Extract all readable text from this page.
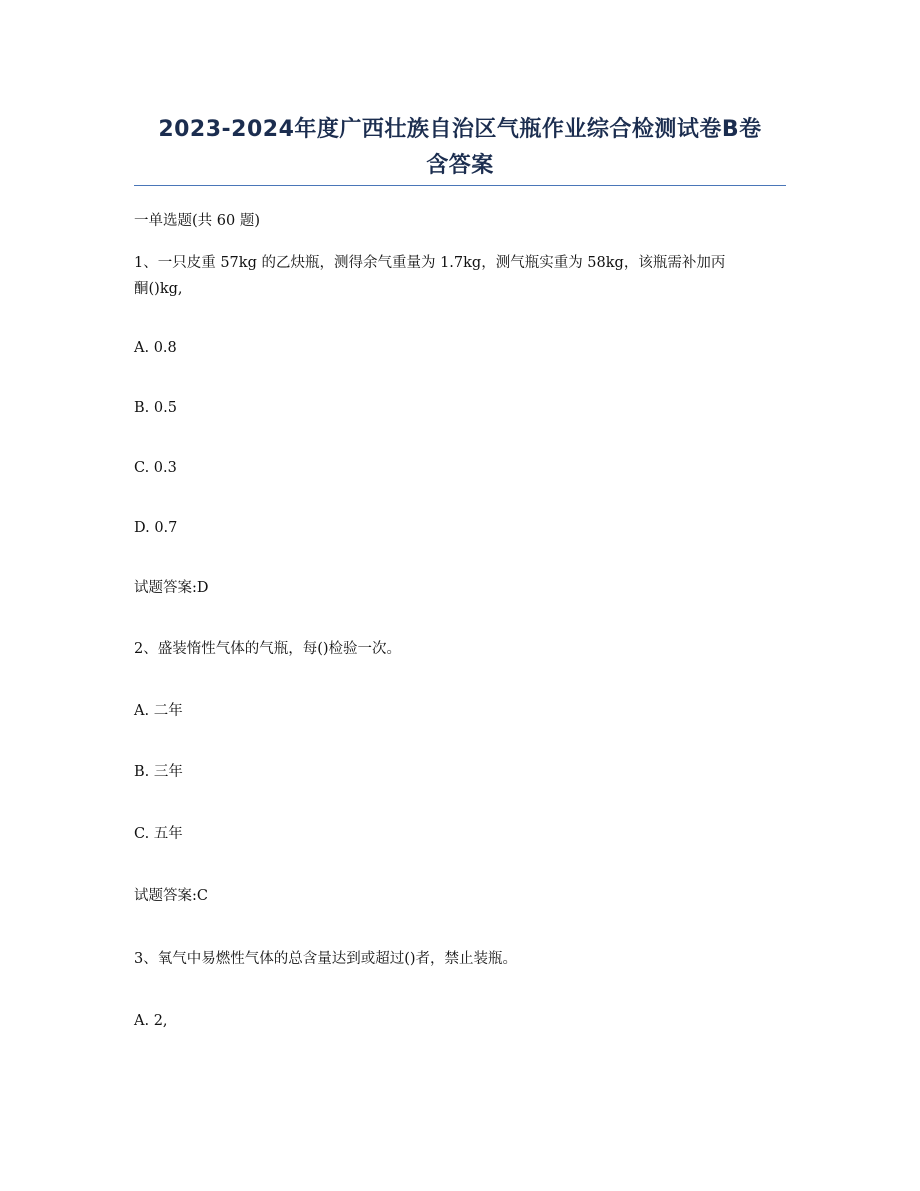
2023-2024年度广西壮族自治区气瓶作业综合检测试卷B卷
含答案
一单选题(共 60 题)
1、一只皮重 57kg 的乙炔瓶，测得余气重量为 1.7kg，测气瓶实重为 58kg，该瓶需补加丙
酮()kg,
A. 0.8
B. 0.5
C. 0.3
D. 0.7
试题答案:D
2、盛装惰性气体的气瓶，每()检验一次。
A. 二年
B. 三年
C. 五年
试题答案:C
3、氧气中易燃性气体的总含量达到或超过()者，禁止装瓶。
A. 2,
